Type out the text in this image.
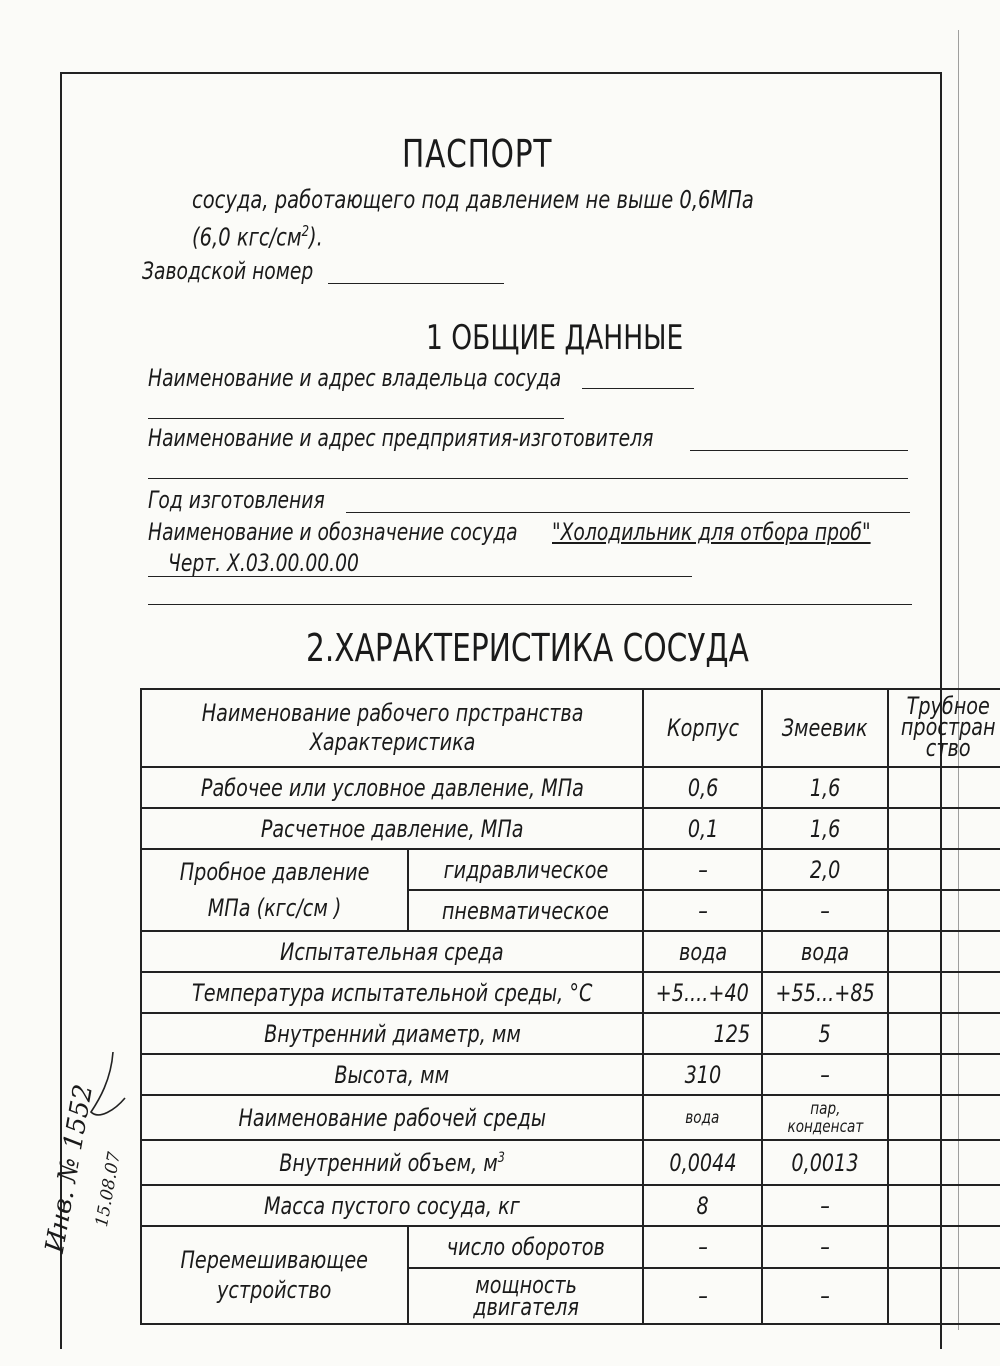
ПАСПОРТ
сосуда, работающего под давлением не выше 0,6МПа
(6,0 кгс/$см^2$).
Заводской номер
1 ОБЩИЕ ДАННЫЕ
Наименование и адрес владельца сосуда
Наименование и адрес предприятия-изготовителя
Год изготовления
Наименование и обозначение сосуда "Холодильник для отбора проб"
Черт. Х.03.00.00.00
2.ХАРАКТЕРИСТИКА СОСУДА
Наименование рабочего прстранства
Характеристика		Корпус	Змеевик	Трубное
простран
ство
Рабочее или условное давление, МПа		0,6	1,6	
Расчетное давление, МПа		0,1	1,6	
Пробное давление
МПа (кгс/см )	гидравлическое	–	2,0	
	пневматическое	–	–	
Испытательная среда		вода	вода	
Температура испытательной среды, °С		+5....+40	+55...+85	
Внутренний диаметр, мм		125	5	
Высота, мм		310	–	
Наименование рабочей среды		вода	пар,
конденсат	
Внутренний объем, $м^3$		0,0044	0,0013	
Масса пустого сосуда, кг		8	–	
Перемешивающее
устройство	число оборотов	–	–	
	мощность
двигателя	–	–	
Инв. № 1552
15.08.07
